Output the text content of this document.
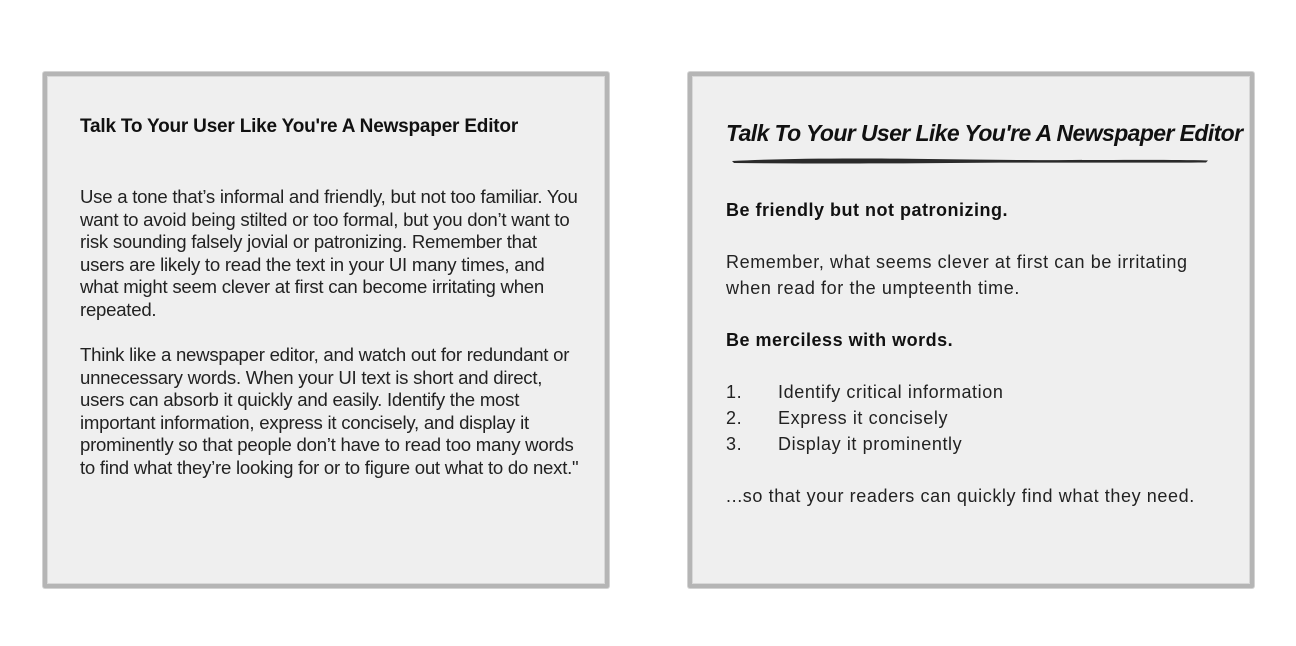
Talk To Your User Like You're A Newspaper Editor

Use a tone that’s informal and friendly, but not too familiar. You want to avoid being stilted or too formal, but you don’t want to risk sounding falsely jovial or patronizing. Remember that users are likely to read the text in your UI many times, and what might seem clever at first can become irritating when repeated.

Think like a newspaper editor, and watch out for redundant or unnecessary words. When your UI text is short and direct, users can absorb it quickly and easily. Identify the most important information, express it concisely, and display it prominently so that people don’t have to read too many words to find what they’re looking for or to figure out what to do next."

Talk To Your User Like You're A Newspaper Editor

Be friendly but not patronizing.

Remember, what seems clever at first can be irritating when read for the umpteenth time.

Be merciless with words.

1.	Identify critical information
2.	Express it concisely
3.	Display it prominently

...so that your readers can quickly find what they need.
